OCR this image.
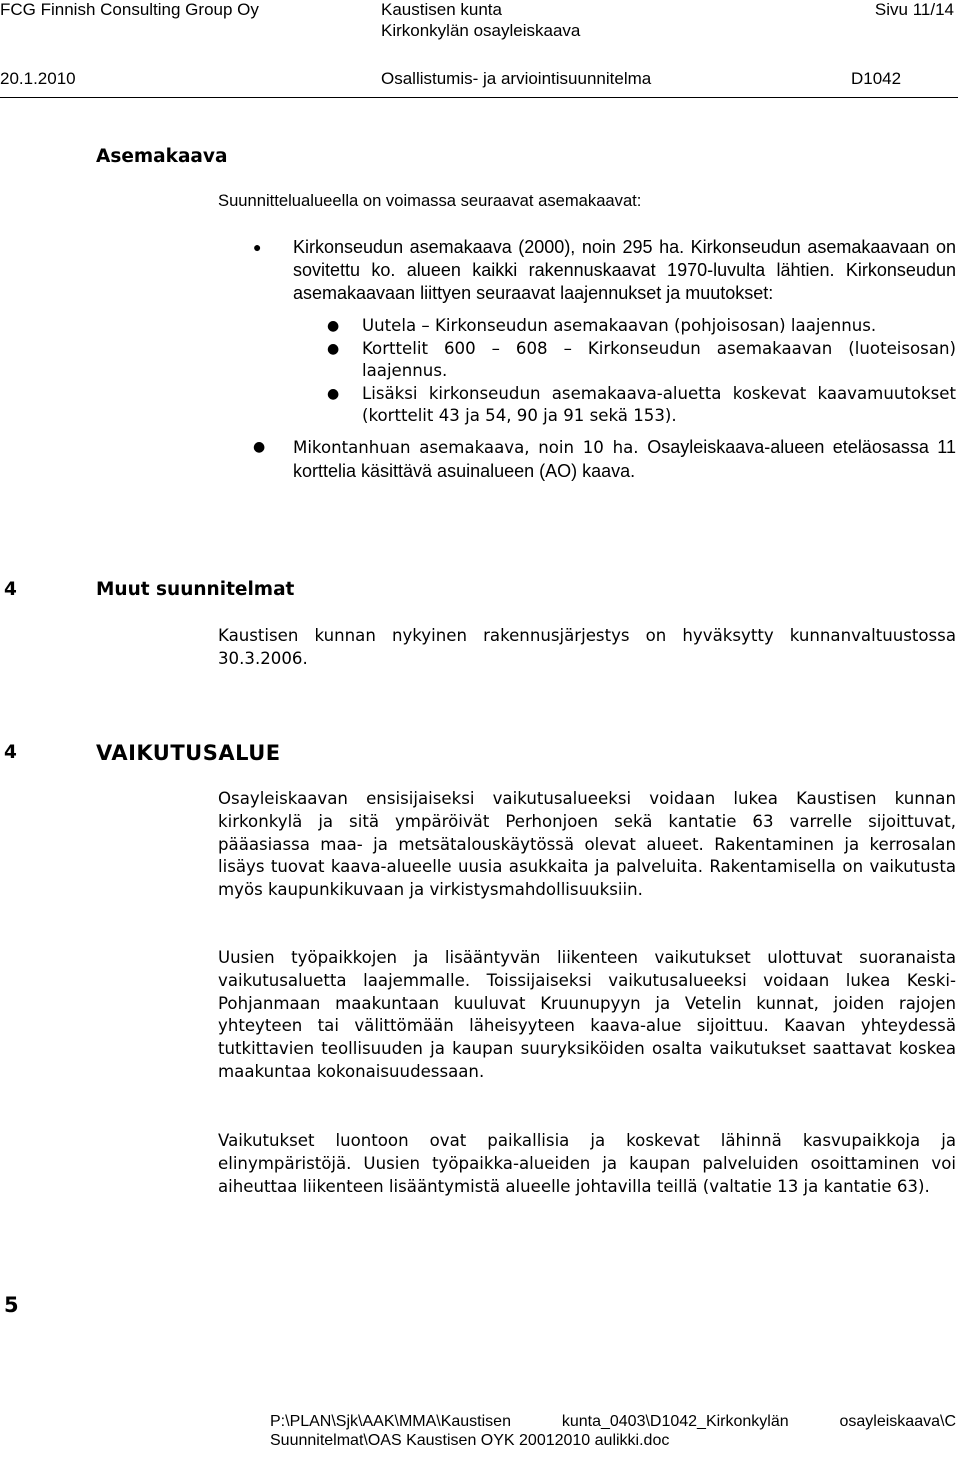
FCG Finnish Consulting Group Oy	Kaustisen kunta
Kirkonkylän osayleiskaava
Sivu 11/14
20.1.2010	Osallistumis- ja arviointisuunnitelma	D1042
Asemakaava
Suunnittelualueella on voimassa seuraavat asemakaavat:
● Kirkonseudun asemakaava (2000), noin 295 ha. Kirkonseudun asemakaavaan on sovitettu ko. alueen kaikki rakennuskaavat 1970-luvulta lähtien. Kirkonseudun asemakaavaan liittyen seuraavat laajennukset ja muutokset:
● Uutela – Kirkonseudun asemakaavan (pohjoisosan) laajennus.
● Korttelit 600 – 608 – Kirkonseudun asemakaavan (luoteisosan) laajennus.
● Lisäksi kirkonseudun asemakaava-aluetta koskevat kaavamuutokset (korttelit 43 ja 54, 90 ja 91 sekä 153).
● Mikontanhuan asemakaava, noin 10 ha. Osayleiskaava-alueen eteläosassa 11 korttelia käsittävä asuinalueen (AO) kaava.
4	Muut suunnitelmat
Kaustisen kunnan nykyinen rakennusjärjestys on hyväksytty kunnanvaltuustossa 30.3.2006.
4	VAIKUTUSALUE
Osayleiskaavan ensisijaiseksi vaikutusalueeksi voidaan lukea Kaustisen kunnan kirkonkylä ja sitä ympäröivät Perhonjoen sekä kantatie 63 varrelle sijoittuvat, pääasiassa maa- ja metsätalouskäytössä olevat alueet. Rakentaminen ja kerrosalan lisäys tuovat kaava-alueelle uusia asukkaita ja palveluita. Rakentamisella on vaikutusta myös kaupunkikuvaan ja virkistysmahdollisuuksiin.
Uusien työpaikkojen ja lisääntyvän liikenteen vaikutukset ulottuvat suoranaista vaikutusaluetta laajemmalle. Toissijaiseksi vaikutusalueeksi voidaan lukea Keski-Pohjanmaan maakuntaan kuuluvat Kruunupyyn ja Vetelin kunnat, joiden rajojen yhteyteen tai välittömään läheisyyteen kaava-alue sijoittuu. Kaavan yhteydessä tutkittavien teollisuuden ja kaupan suuryksiköiden osalta vaikutukset saattavat koskea maakuntaa kokonaisuudessaan.
Vaikutukset luontoon ovat paikallisia ja koskevat lähinnä kasvupaikkoja ja elinympäristöjä. Uusien työpaikka-alueiden ja kaupan palveluiden osoittaminen voi aiheuttaa liikenteen lisääntymistä alueelle johtavilla teillä (valtatie 13 ja kantatie 63).
5
P:\PLAN\Sjk\AAK\MMA\Kaustisen	kunta_0403\D1042_Kirkonkylän	osayleiskaava\C
Suunnitelmat\OAS Kaustisen OYK 20012010 aulikki.doc
